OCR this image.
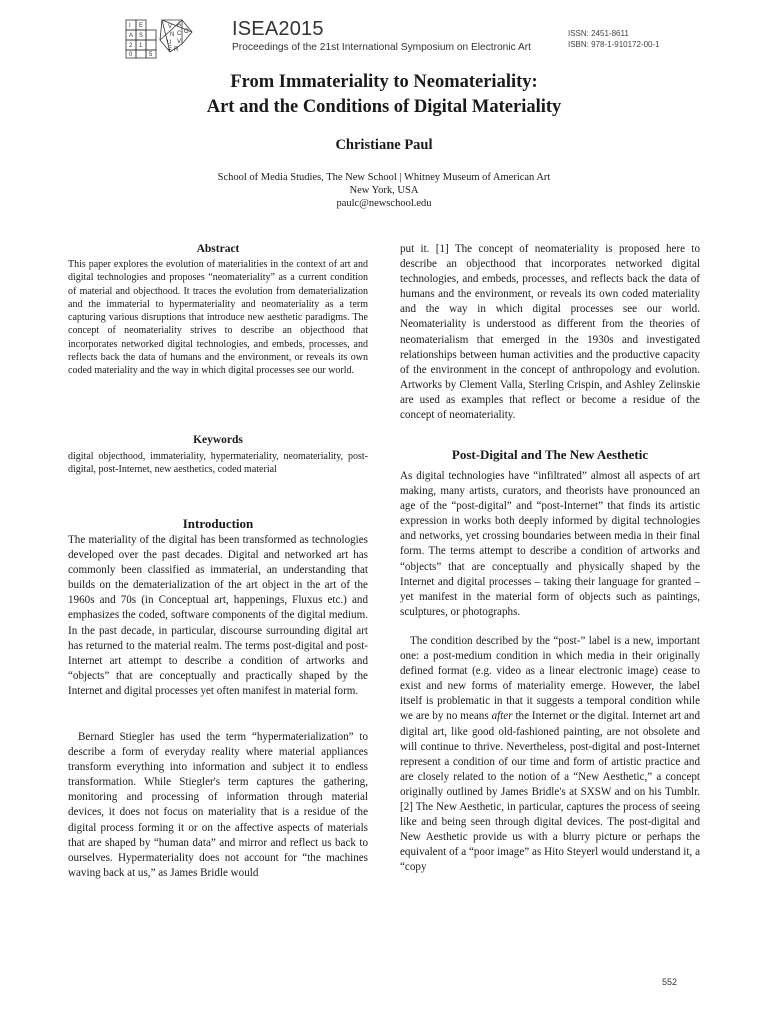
I E
A S
2 1
0	5
V A
N C O
U V
E R
ISEA2015
Proceedings of the 21st International Symposium on Electronic Art
ISSN: 2451-8611
ISBN: 978-1-910172-00-1
From Immateriality to Neomateriality:
Art and the Conditions of Digital Materiality
Christiane Paul
School of Media Studies, The New School | Whitney Museum of American Art
New York, USA
paulc@newschool.edu
Abstract

This paper explores the evolution of materialities in the context of art and digital technologies and proposes “neomateriality” as a current condition of material and objecthood. It traces the evolution from dematerialization and the immaterial to hypermateriality and neomateriality as a term capturing various disruptions that introduce new aesthetic paradigms. The concept of neomateriality strives to describe an objecthood that incorporates networked digital technologies, and embeds, processes, and reflects back the data of humans and the environment, or reveals its own coded materiality and the way in which digital processes see our world.

Keywords

digital objecthood, immateriality, hypermateriality, neomateriality, post-digital, post-Internet, new aesthetics, coded material

Introduction

The materiality of the digital has been transformed as technologies developed over the past decades. Digital and networked art has commonly been classified as immaterial, an understanding that builds on the dematerialization of the art object in the art of the 1960s and 70s (in Conceptual art, happenings, Fluxus etc.) and emphasizes the coded, software components of the digital medium. In the past decade, in particular, discourse surrounding digital art has returned to the material realm. The terms post-digital and post-Internet art attempt to describe a condition of artworks and “objects” that are conceptually and practically shaped by the Internet and digital processes yet often manifest in material form.

Bernard Stiegler has used the term “hypermaterialization” to describe a form of everyday reality where material appliances transform everything into information and subject it to endless transformation. While Stiegler's term captures the gathering, monitoring and processing of information through material devices, it does not focus on materiality that is a residue of the digital process forming it or on the affective aspects of materials that are shaped by “human data” and mirror and reflect us back to ourselves. Hypermateriality does not account for “the machines waving back at us,” as James Bridle would

put it. [1] The concept of neomateriality is proposed here to describe an objecthood that incorporates networked digital technologies, and embeds, processes, and reflects back the data of humans and the environment, or reveals its own coded materiality and the way in which digital processes see our world. Neomateriality is understood as different from the theories of neomaterialism that emerged in the 1930s and investigated relationships between human activities and the productive capacity of the environment in the concept of anthropology and evolution. Artworks by Clement Valla, Sterling Crispin, and Ashley Zelinskie are used as examples that reflect or become a residue of the concept of neomateriality.

Post-Digital and The New Aesthetic

As digital technologies have “infiltrated” almost all aspects of art making, many artists, curators, and theorists have pronounced an age of the “post-digital” and “post-Internet” that finds its artistic expression in works both deeply informed by digital technologies and networks, yet crossing boundaries between media in their final form. The terms attempt to describe a condition of artworks and “objects” that are conceptually and physically shaped by the Internet and digital processes – taking their language for granted – yet manifest in the material form of objects such as paintings, sculptures, or photographs.

The condition described by the “post-” label is a new, important one: a post-medium condition in which media in their originally defined format (e.g. video as a linear electronic image) cease to exist and new forms of materiality emerge. However, the label itself is problematic in that it suggests a temporal condition while we are by no means after the Internet or the digital. Internet art and digital art, like good old-fashioned painting, are not obsolete and will continue to thrive. Nevertheless, post-digital and post-Internet represent a condition of our time and form of artistic practice and are closely related to the notion of a “New Aesthetic,” a concept originally outlined by James Bridle's at SXSW and on his Tumblr. [2] The New Aesthetic, in particular, captures the process of seeing like and being seen through digital devices. The post-digital and New Aesthetic provide us with a blurry picture or perhaps the equivalent of a “poor image” as Hito Steyerl would understand it, a “copy

552
